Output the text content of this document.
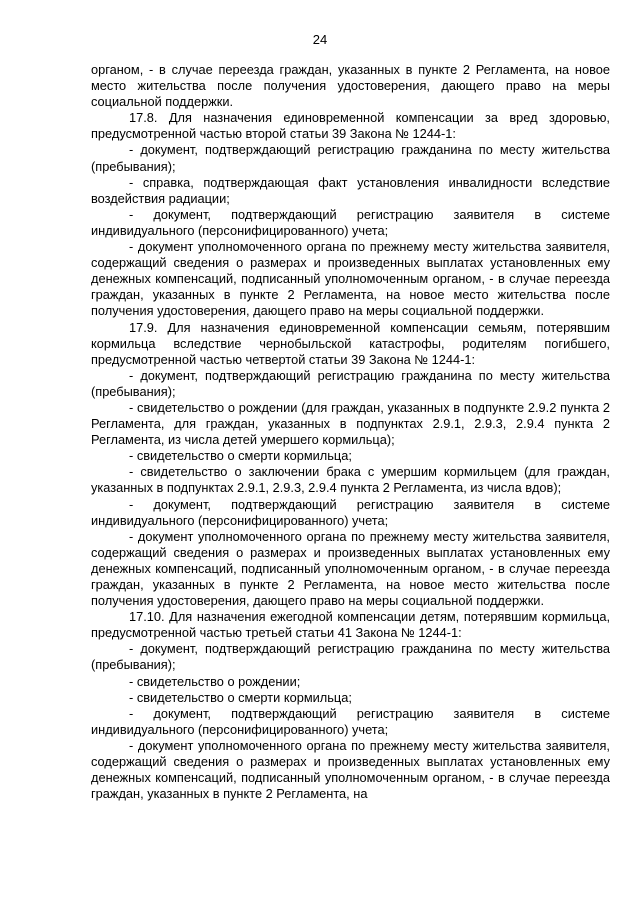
24

органом, - в случае переезда граждан, указанных в пункте 2 Регламента, на новое место жительства после получения удостоверения, дающего право на меры социальной поддержки.

17.8. Для назначения единовременной компенсации за вред здоровью, предусмотренной частью второй статьи 39 Закона № 1244-1:

- документ, подтверждающий регистрацию гражданина по месту жительства (пребывания);

- справка, подтверждающая факт установления инвалидности вследствие воздействия радиации;

- документ, подтверждающий регистрацию заявителя в системе индивидуального (персонифицированного) учета;

- документ уполномоченного органа по прежнему месту жительства заявителя, содержащий сведения о размерах и произведенных выплатах установленных ему денежных компенсаций, подписанный уполномоченным органом, - в случае переезда граждан, указанных в пункте 2 Регламента, на новое место жительства после получения удостоверения, дающего право на меры социальной поддержки.

17.9. Для назначения единовременной компенсации семьям, потерявшим кормильца вследствие чернобыльской катастрофы, родителям погибшего, предусмотренной частью четвертой статьи 39 Закона № 1244-1:

- документ, подтверждающий регистрацию гражданина по месту жительства (пребывания);

- свидетельство о рождении (для граждан, указанных в подпункте 2.9.2 пункта 2 Регламента, для граждан, указанных в подпунктах 2.9.1, 2.9.3, 2.9.4 пункта 2 Регламента, из числа детей умершего кормильца);

- свидетельство о смерти кормильца;

- свидетельство о заключении брака с умершим кормильцем (для граждан, указанных в подпунктах 2.9.1, 2.9.3, 2.9.4 пункта 2 Регламента, из числа вдов);

- документ, подтверждающий регистрацию заявителя в системе индивидуального (персонифицированного) учета;

- документ уполномоченного органа по прежнему месту жительства заявителя, содержащий сведения о размерах и произведенных выплатах установленных ему денежных компенсаций, подписанный уполномоченным органом, - в случае переезда граждан, указанных в пункте 2 Регламента, на новое место жительства после получения удостоверения, дающего право на меры социальной поддержки.

17.10. Для назначения ежегодной компенсации детям, потерявшим кормильца, предусмотренной частью третьей статьи 41 Закона № 1244-1:

- документ, подтверждающий регистрацию гражданина по месту жительства (пребывания);

- свидетельство о рождении;

- свидетельство о смерти кормильца;

- документ, подтверждающий регистрацию заявителя в системе индивидуального (персонифицированного) учета;

- документ уполномоченного органа по прежнему месту жительства заявителя, содержащий сведения о размерах и произведенных выплатах установленных ему денежных компенсаций, подписанный уполномоченным органом, - в случае переезда граждан, указанных в пункте 2 Регламента, на
